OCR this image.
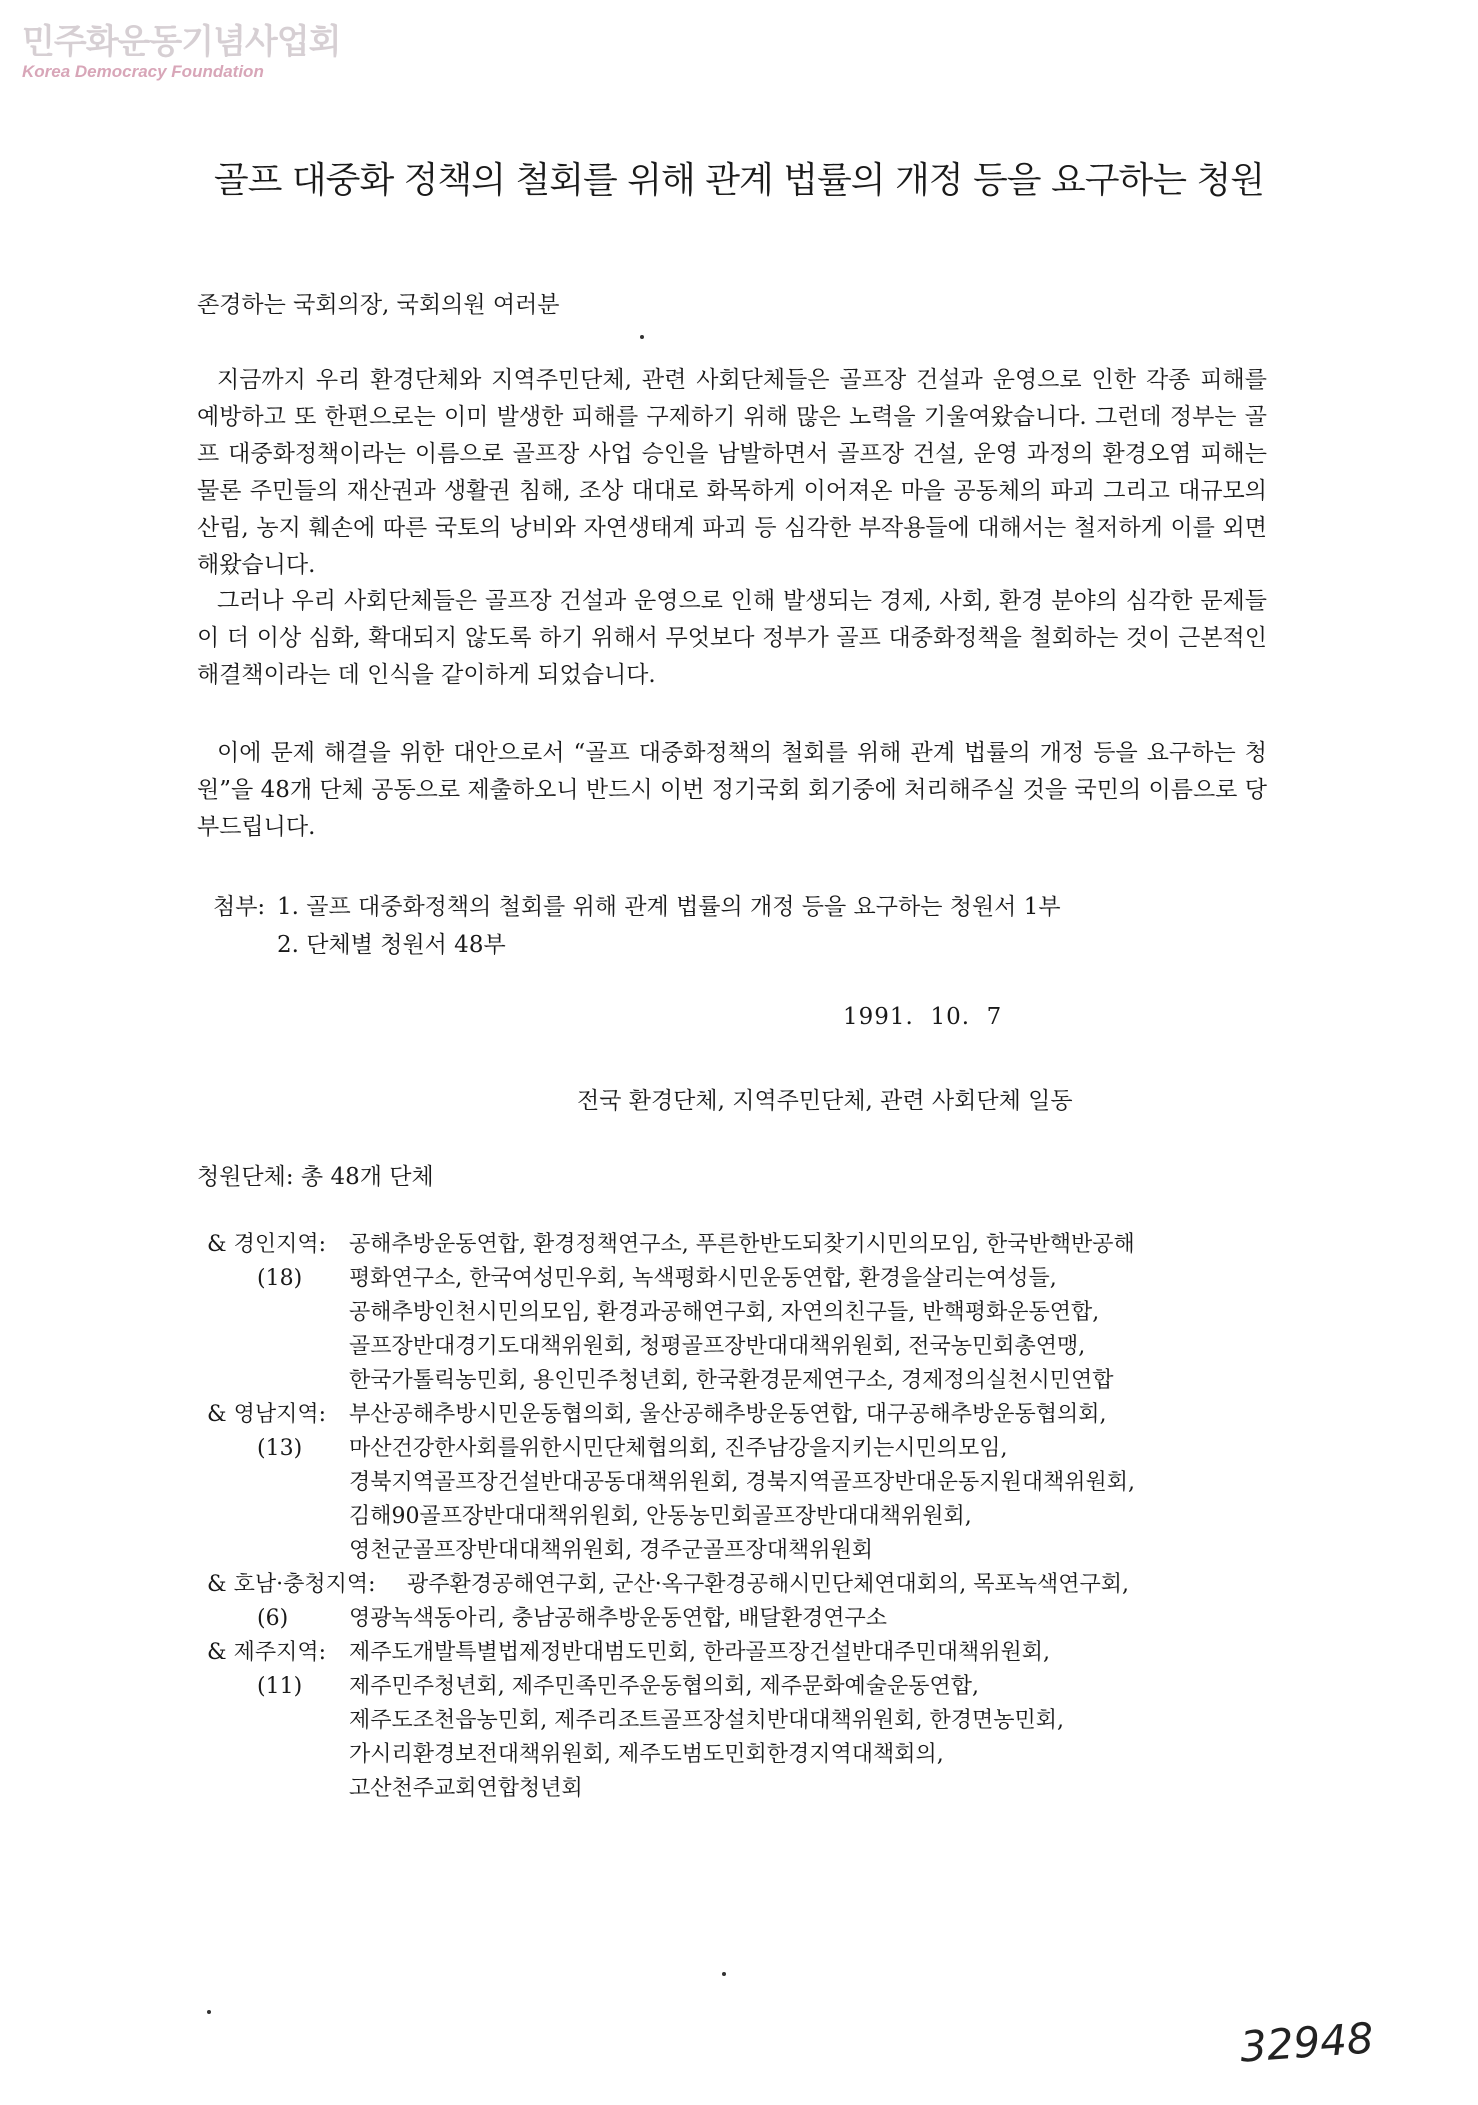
민주화운동기념사업회
Korea Democracy Foundation
골프 대중화 정책의 철회를 위해 관계 법률의 개정 등을 요구하는 청원
존경하는 국회의장, 국회의원 여러분
지금까지 우리 환경단체와 지역주민단체, 관련 사회단체들은 골프장 건설과 운영으로 인한 각종 피해를 예방하고 또 한편으로는 이미 발생한 피해를 구제하기 위해 많은 노력을 기울여왔습니다. 그런데 정부는 골프 대중화정책이라는 이름으로 골프장 사업 승인을 남발하면서 골프장 건설, 운영 과정의 환경오염 피해는 물론 주민들의 재산권과 생활권 침해, 조상 대대로 화목하게 이어져온 마을 공동체의 파괴 그리고 대규모의 산림, 농지 훼손에 따른 국토의 낭비와 자연생태계 파괴 등 심각한 부작용들에 대해서는 철저하게 이를 외면해왔습니다.
그러나 우리 사회단체들은 골프장 건설과 운영으로 인해 발생되는 경제, 사회, 환경 분야의 심각한 문제들이 더 이상 심화, 확대되지 않도록 하기 위해서 무엇보다 정부가 골프 대중화정책을 철회하는 것이 근본적인 해결책이라는 데 인식을 같이하게 되었습니다.
이에 문제 해결을 위한 대안으로서 “골프 대중화정책의 철회를 위해 관계 법률의 개정 등을 요구하는 청원”을 48개 단체 공동으로 제출하오니 반드시 이번 정기국회 회기중에 처리해주실 것을 국민의 이름으로 당부드립니다.
첨부: 1. 골프 대중화정책의 철회를 위해 관계 법률의 개정 등을 요구하는 청원서 1부
2. 단체별 청원서 48부
1991.  10.  7
전국 환경단체, 지역주민단체, 관련 사회단체 일동
청원단체: 총 48개 단체
& 경인지역:
(18)
공해추방운동연합, 환경정책연구소, 푸른한반도되찾기시민의모임, 한국반핵반공해
평화연구소, 한국여성민우회, 녹색평화시민운동연합, 환경을살리는여성들,
공해추방인천시민의모임, 환경과공해연구회, 자연의친구들, 반핵평화운동연합,
골프장반대경기도대책위원회, 청평골프장반대대책위원회, 전국농민회총연맹,
한국가톨릭농민회, 용인민주청년회, 한국환경문제연구소, 경제정의실천시민연합
& 영남지역:
(13)
부산공해추방시민운동협의회, 울산공해추방운동연합, 대구공해추방운동협의회,
마산건강한사회를위한시민단체협의회, 진주남강을지키는시민의모임,
경북지역골프장건설반대공동대책위원회, 경북지역골프장반대운동지원대책위원회,
김해90골프장반대대책위원회, 안동농민회골프장반대대책위원회,
영천군골프장반대대책위원회, 경주군골프장대책위원회
& 호남·충청지역:
(6)
광주환경공해연구회, 군산·옥구환경공해시민단체연대회의, 목포녹색연구회,
영광녹색동아리, 충남공해추방운동연합, 배달환경연구소
& 제주지역:
(11)
제주도개발특별법제정반대범도민회, 한라골프장건설반대주민대책위원회,
제주민주청년회, 제주민족민주운동협의회, 제주문화예술운동연합,
제주도조천읍농민회, 제주리조트골프장설치반대대책위원회, 한경면농민회,
가시리환경보전대책위원회, 제주도범도민회한경지역대책회의,
고산천주교회연합청년회
32948
